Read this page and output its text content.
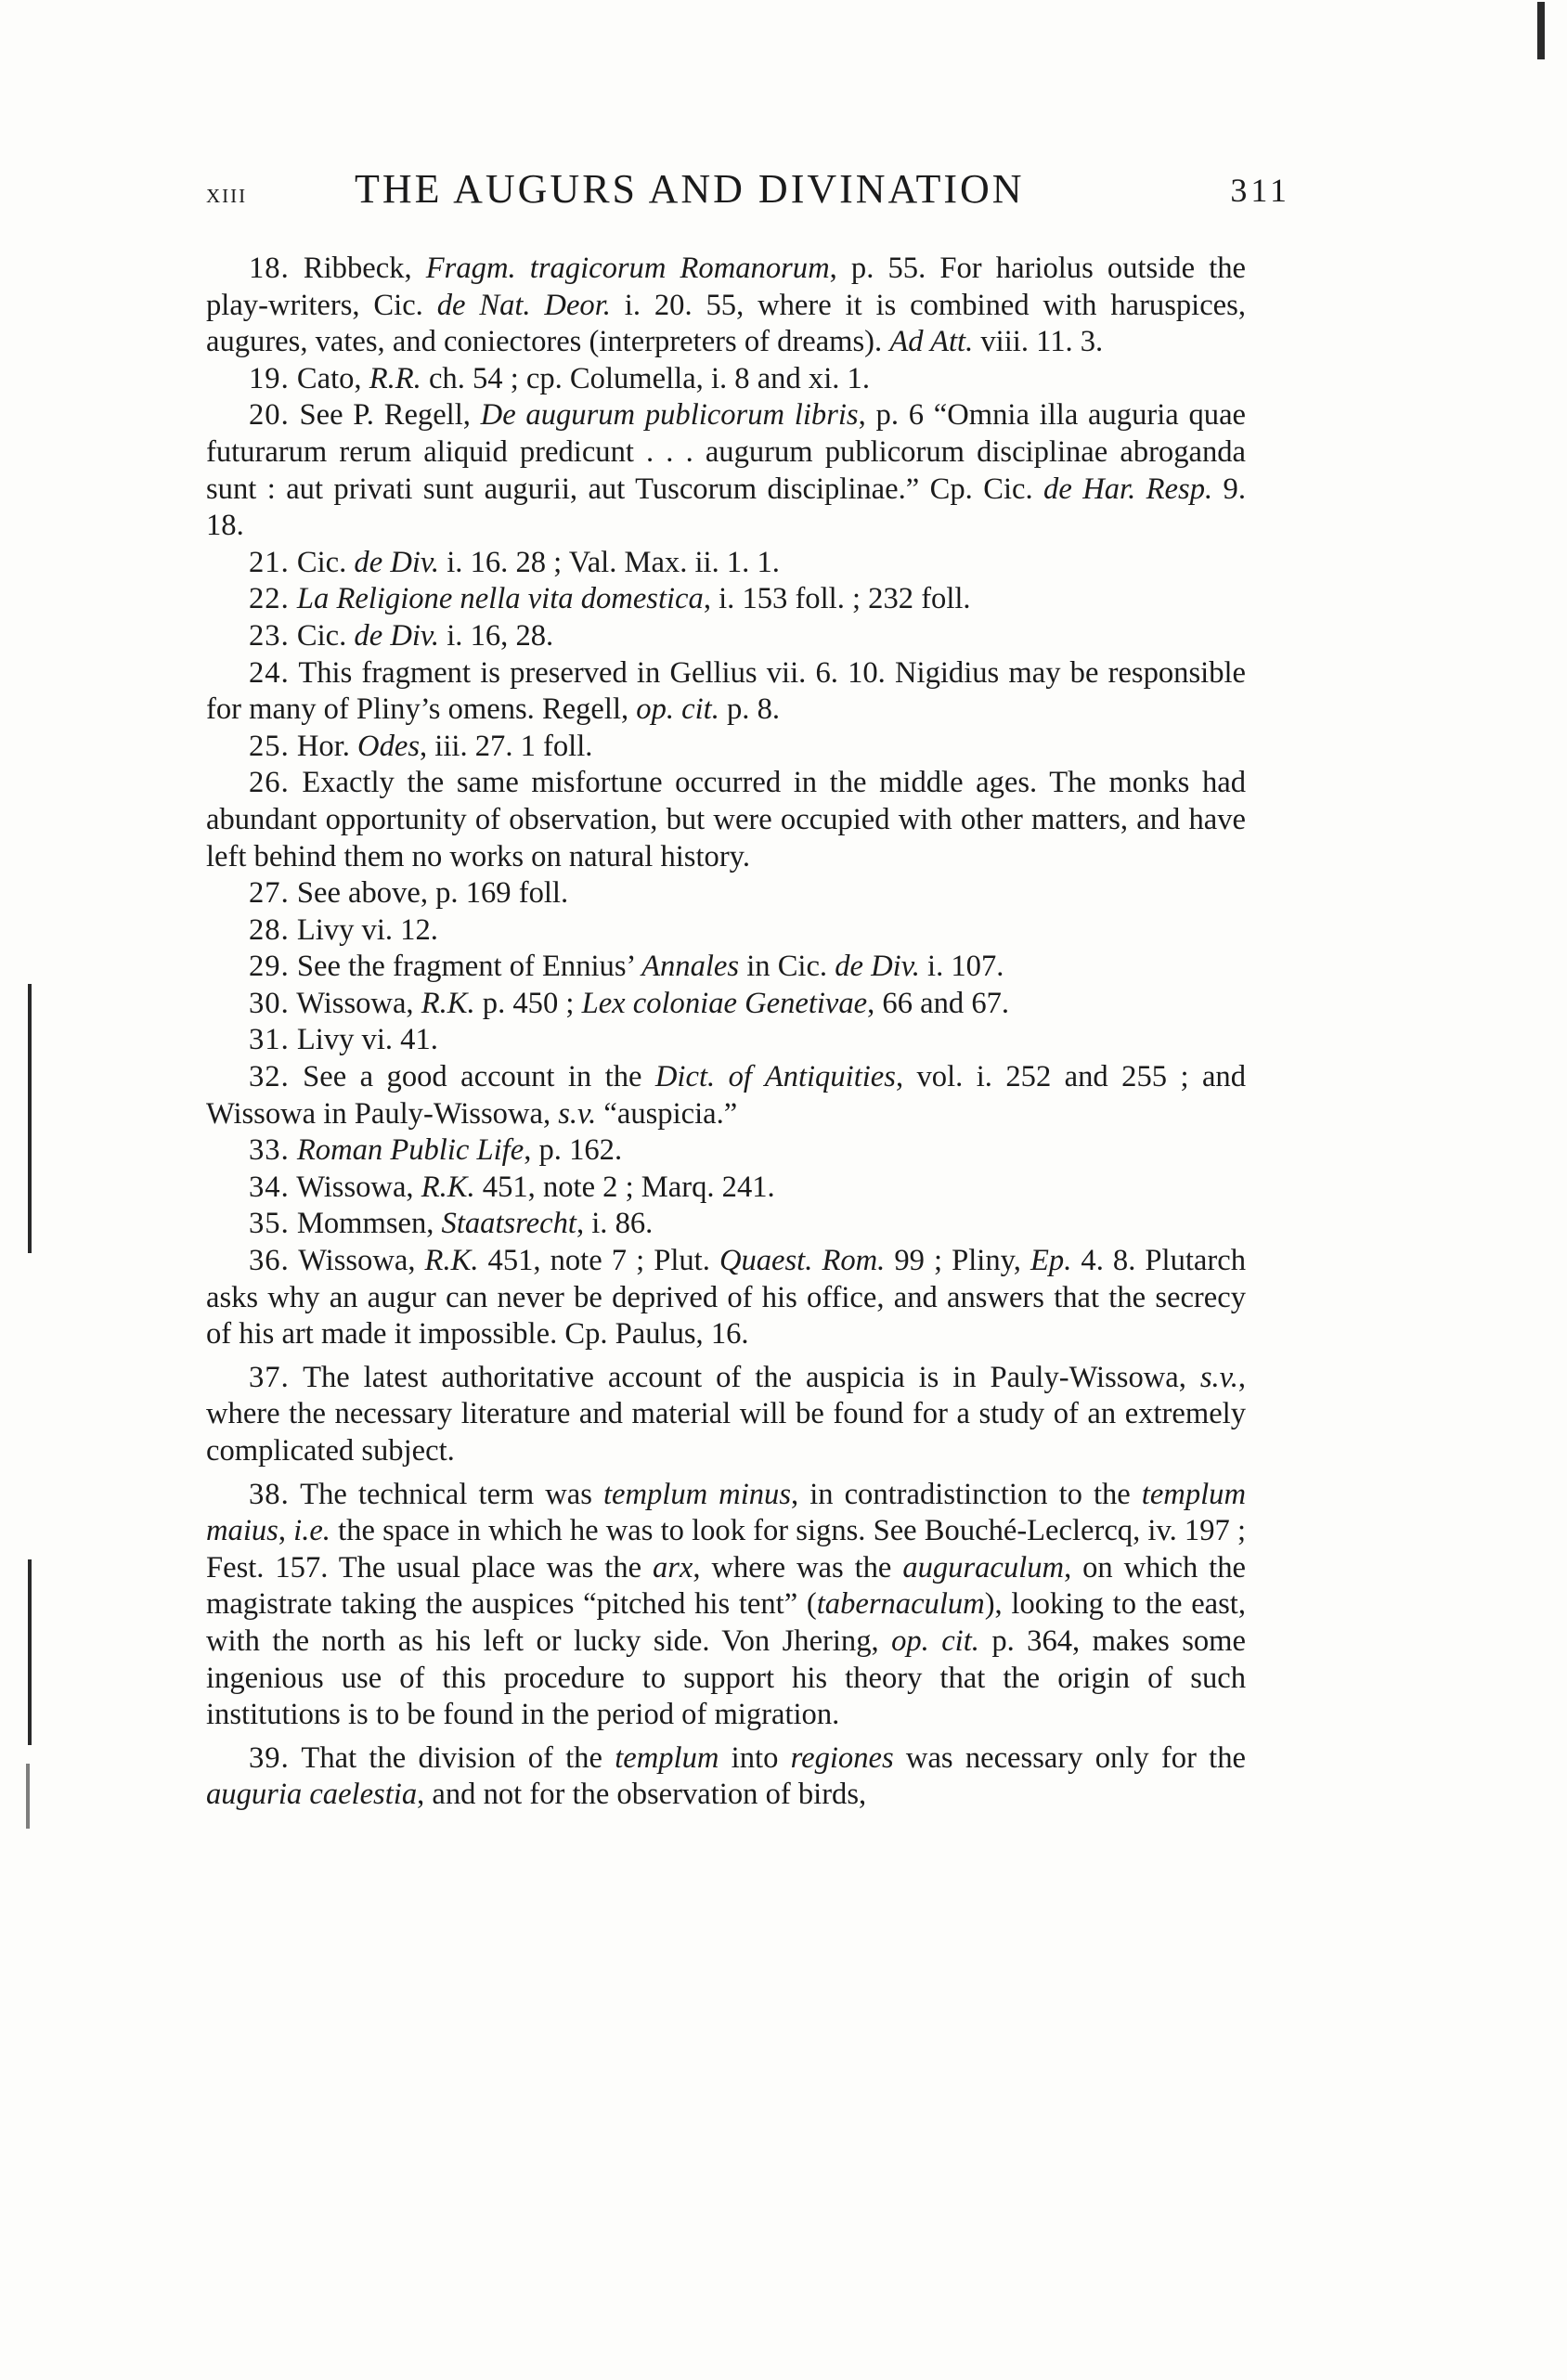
xiii	THE AUGURS AND DIVINATION	311

18. Ribbeck, Fragm. tragicorum Romanorum, p. 55. For hariolus outside the play-writers, Cic. de Nat. Deor. i. 20. 55, where it is combined with haruspices, augures, vates, and coniectores (interpreters of dreams). Ad Att. viii. 11. 3.

19. Cato, R.R. ch. 54 ; cp. Columella, i. 8 and xi. 1.

20. See P. Regell, De augurum publicorum libris, p. 6 “Omnia illa auguria quae futurarum rerum aliquid predicunt . . . augurum publicorum disciplinae abroganda sunt : aut privati sunt augurii, aut Tuscorum disciplinae.” Cp. Cic. de Har. Resp. 9. 18.

21. Cic. de Div. i. 16. 28 ; Val. Max. ii. 1. 1.

22. La Religione nella vita domestica, i. 153 foll. ; 232 foll.

23. Cic. de Div. i. 16, 28.

24. This fragment is preserved in Gellius vii. 6. 10. Nigidius may be responsible for many of Pliny’s omens. Regell, op. cit. p. 8.

25. Hor. Odes, iii. 27. 1 foll.

26. Exactly the same misfortune occurred in the middle ages. The monks had abundant opportunity of observation, but were occupied with other matters, and have left behind them no works on natural history.

27. See above, p. 169 foll.

28. Livy vi. 12.

29. See the fragment of Ennius’ Annales in Cic. de Div. i. 107.

30. Wissowa, R.K. p. 450 ; Lex coloniae Genetivae, 66 and 67.

31. Livy vi. 41.

32. See a good account in the Dict. of Antiquities, vol. i. 252 and 255 ; and Wissowa in Pauly-Wissowa, s.v. “auspicia.”

33. Roman Public Life, p. 162.

34. Wissowa, R.K. 451, note 2 ; Marq. 241.

35. Mommsen, Staatsrecht, i. 86.

36. Wissowa, R.K. 451, note 7 ; Plut. Quaest. Rom. 99 ; Pliny, Ep. 4. 8. Plutarch asks why an augur can never be deprived of his office, and answers that the secrecy of his art made it impossible. Cp. Paulus, 16.

37. The latest authoritative account of the auspicia is in Pauly-Wissowa, s.v., where the necessary literature and material will be found for a study of an extremely complicated subject.

38. The technical term was templum minus, in contradistinction to the templum maius, i.e. the space in which he was to look for signs. See Bouché-Leclercq, iv. 197 ; Fest. 157. The usual place was the arx, where was the auguraculum, on which the magistrate taking the auspices “pitched his tent” (tabernaculum), looking to the east, with the north as his left or lucky side. Von Jhering, op. cit. p. 364, makes some ingenious use of this procedure to support his theory that the origin of such institutions is to be found in the period of migration.

39. That the division of the templum into regiones was necessary only for the auguria caelestia, and not for the observation of birds,
